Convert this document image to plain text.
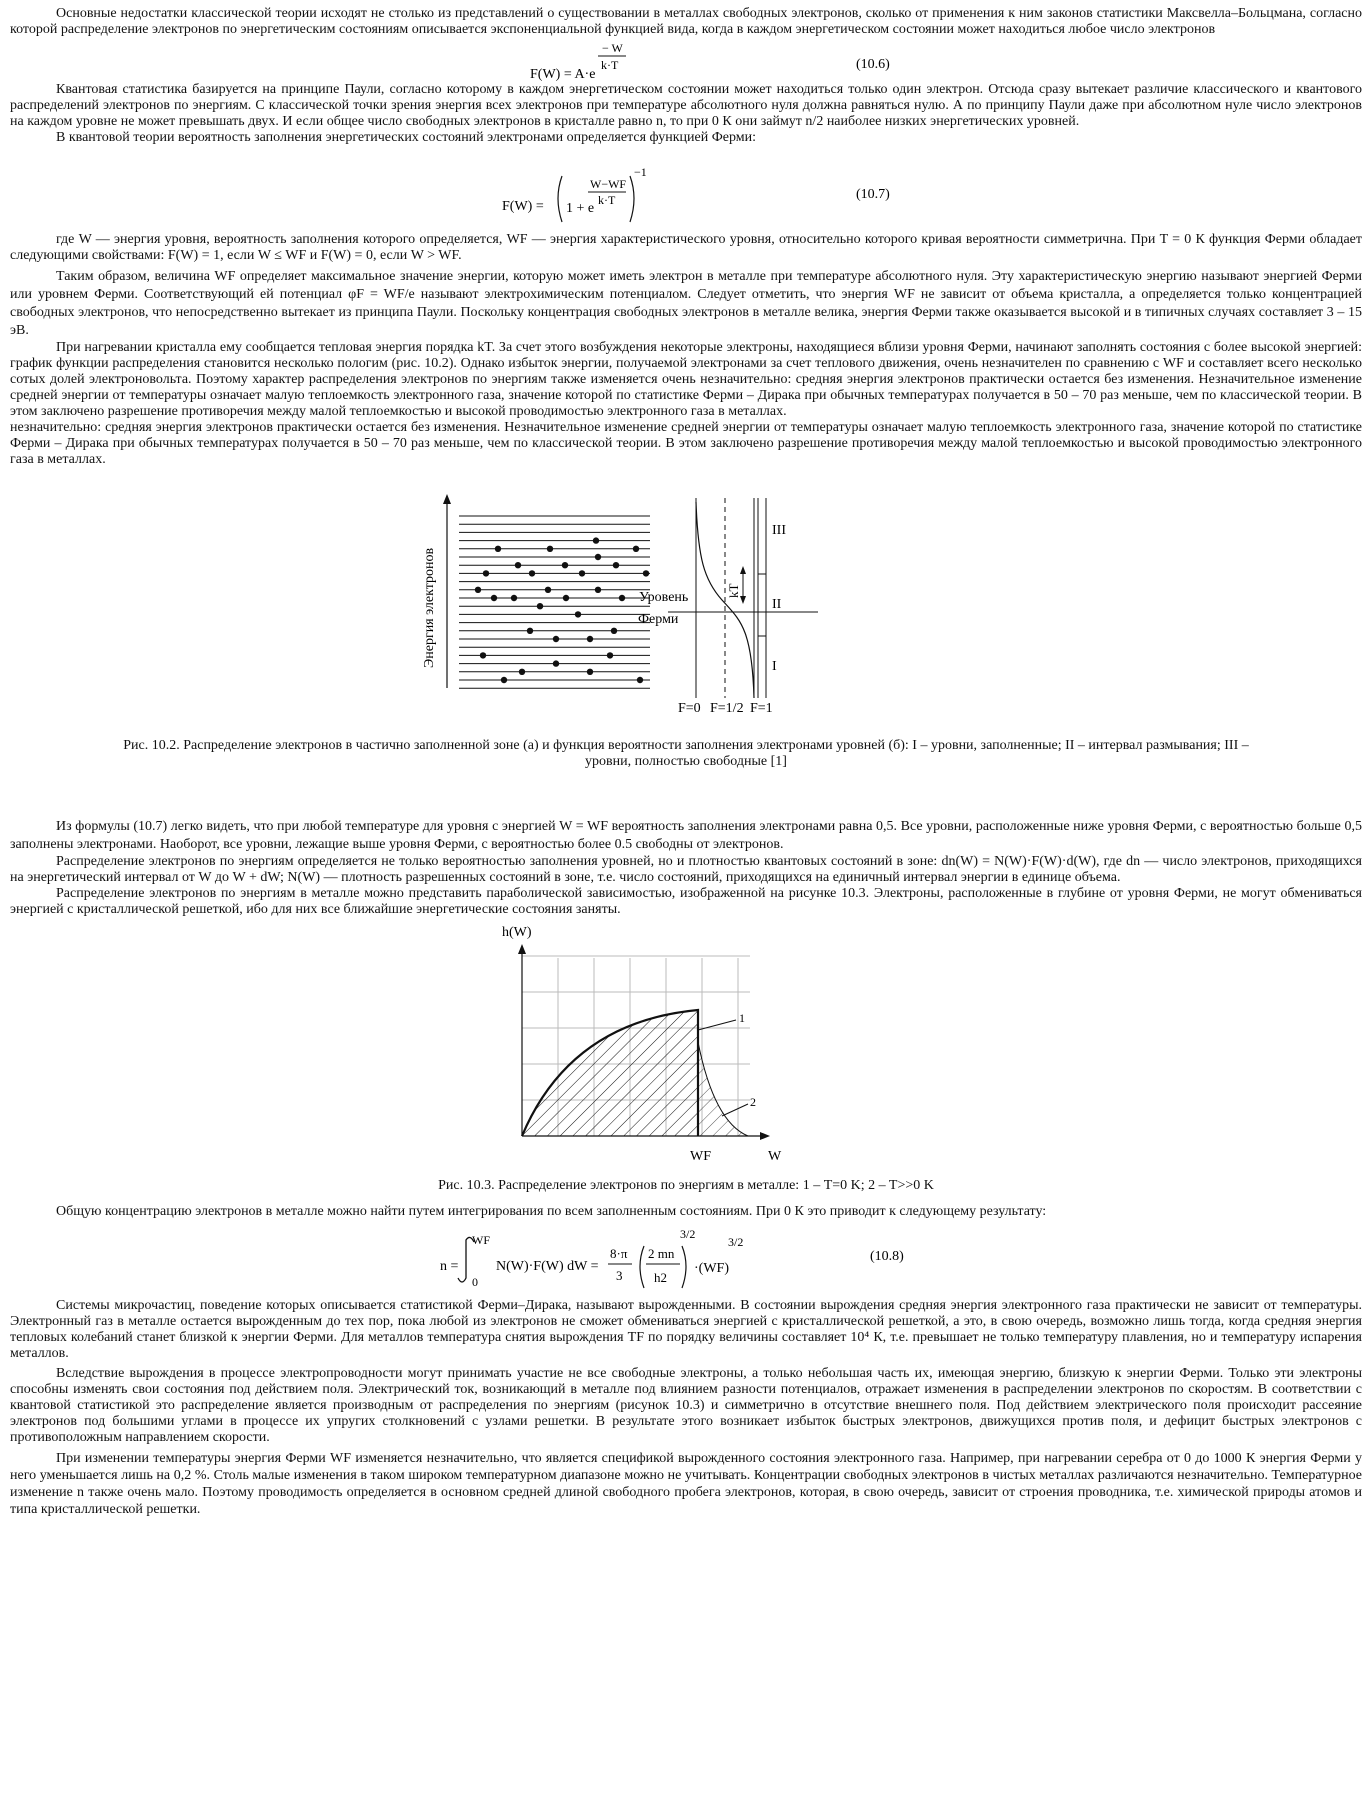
Основные недостатки классической теории исходят не столько из представлений о существовании в металлах свободных электронов, сколько от применения к ним законов статистики Максвелла–Больцмана, согласно которой распределение электронов по энергетическим состояниям описывается экспоненциальной функцией вида, когда в каждом энергетическом состоянии может находиться любое число электронов

F(W) = A·e
− W
k·T	(10.6)

Квантовая статистика базируется на принципе Паули, согласно которому в каждом энергетическом состоянии может находиться только один электрон. Отсюда сразу вытекает различие классического и квантового распределений электронов по энергиям. С классической точки зрения энергия всех электронов при температуре абсолютного нуля должна равняться нулю. А по принципу Паули даже при абсолютном нуле число электронов на каждом уровне не может превышать двух. И если общее число свободных электронов в кристалле равно n, то при 0 К они займут n/2 наиболее низких энергетических уровней.

В квантовой теории вероятность заполнения энергетических состояний электронами определяется функцией Ферми:

F(W) = 1 + e
W−WF
k·T
−1
(10.7)

где W — энергия уровня, вероятность заполнения которого определяется, WF — энергия характеристического уровня, относительно которого кривая вероятности симметрична. При T = 0 К функция Ферми обладает следующими свойствами: F(W) = 1, если W ≤ WF и F(W) = 0, если W > WF.

Таким образом, величина WF определяет максимальное значение энергии, которую может иметь электрон в металле при температуре абсолютного нуля. Эту характеристическую энергию называют энергией Ферми или уровнем Ферми. Соответствующий ей потенциал φF = WF/e называют электрохимическим потенциалом. Следует отметить, что энергия WF не зависит от объема кристалла, а определяется только концентрацией свободных электронов, что непосредственно вытекает из принципа Паули. Поскольку концентрация свободных электронов в металле велика, энергия Ферми также оказывается высокой и в типичных случаях составляет 3 – 15 эВ.

При нагревании кристалла ему сообщается тепловая энергия порядка kT. За счет этого возбуждения некоторые электроны, находящиеся вблизи уровня Ферми, начинают заполнять состояния с более высокой энергией: график функции распределения становится несколько пологим (рис. 10.2). Однако избыток энергии, получаемой электронами за счет теплового движения, очень незначителен по сравнению с WF и составляет всего несколько сотых долей электроновольта. Поэтому характер распределения электронов по энергиям также изменяется очень незначительно: средняя энергия электронов практически остается без изменения. Незначительное изменение средней энергии от температуры означает малую теплоемкость электронного газа, значение которой по статистике Ферми – Дирака при обычных температурах получается в 50 – 70 раз меньше, чем по классической теории. В этом заключено разрешение противоречия между малой теплоемкостью и высокой проводимостью электронного газа в металлах.

незначительно: средняя энергия электронов практически остается без изменения. Незначительное изменение средней энергии от температуры означает малую теплоемкость электронного газа, значение которой по статистике Ферми – Дирака при обычных температурах получается в 50 – 70 раз меньше, чем по классической теории. В этом заключено разрешение противоречия между малой теплоемкостью и высокой проводимостью электронного газа в металлах.

Энергия электронов	Уровень
Ферми
kT
III
II
I
F=0 F=1/2 F=1

Рис. 10.2. Распределение электронов в частично заполненной зоне (а) и функция вероятности заполнения электронами уровней (б): I – уровни, заполненные; II – интервал размывания; III – уровни, полностью свободные [1]

Из формулы (10.7) легко видеть, что при любой температуре для уровня с энергией W = WF вероятность заполнения электронами равна 0,5. Все уровни, расположенные ниже уровня Ферми, с вероятностью больше 0,5 заполнены электронами. Наоборот, все уровни, лежащие выше уровня Ферми, с вероятностью более 0.5 свободны от электронов.

Распределение электронов по энергиям определяется не только вероятностью заполнения уровней, но и плотностью квантовых состояний в зоне: dn(W) = N(W)·F(W)·d(W), где dn — число электронов, приходящихся на энергетический интервал от W до W + dW; N(W) — плотность разрешенных состояний в зоне, т.е. число состояний, приходящихся на единичный интервал энергии в единице объема.

Распределение электронов по энергиям в металле можно представить параболической зависимостью, изображенной на рисунке 10.3. Электроны, расположенные в глубине от уровня Ферми, не могут обмениваться энергией с кристаллической решеткой, ибо для них все ближайшие энергетические состояния заняты.

h(W)
1
2
WF	W

Рис. 10.3. Распределение электронов по энергиям в металле: 1 – T=0 K; 2 – T>>0 K

Общую концентрацию электронов в металле можно найти путем интегрирования по всем заполненным состояниям. При 0 К это приводит к следующему результату:

n =
WF
0
N(W)·F(W) dW =
8·π
3
2 mn
h2
3/2
·(WF)
3/2
(10.8)

Системы микрочастиц, поведение которых описывается статистикой Ферми–Дирака, называют вырожденными. В состоянии вырождения средняя энергия электронного газа практически не зависит от температуры. Электронный газ в металле остается вырожденным до тех пор, пока любой из электронов не сможет обмениваться энергией с кристаллической решеткой, а это, в свою очередь, возможно лишь тогда, когда средняя энергия тепловых колебаний станет близкой к энергии Ферми. Для металлов температура снятия вырождения TF по порядку величины составляет 10⁴ К, т.е. превышает не только температуру плавления, но и температуру испарения металлов.

Вследствие вырождения в процессе электропроводности могут принимать участие не все свободные электроны, а только небольшая часть их, имеющая энергию, близкую к энергии Ферми. Только эти электроны способны изменять свои состояния под действием поля. Электрический ток, возникающий в металле под влиянием разности потенциалов, отражает изменения в распределении электронов по скоростям. В соответствии с квантовой статистикой это распределение является производным от распределения по энергиям (рисунок 10.3) и симметрично в отсутствие внешнего поля. Под действием электрического поля происходит рассеяние электронов под большими углами в процессе их упругих столкновений с узлами решетки. В результате этого возникает избыток быстрых электронов, движущихся против поля, и дефицит быстрых электронов с противоположным направлением скорости.

При изменении температуры энергия Ферми WF изменяется незначительно, что является спецификой вырожденного состояния электронного газа. Например, при нагревании серебра от 0 до 1000 К энергия Ферми у него уменьшается лишь на 0,2 %. Столь малые изменения в таком широком температурном диапазоне можно не учитывать. Концентрации свободных электронов в чистых металлах различаются незначительно. Температурное изменение n также очень мало. Поэтому проводимость определяется в основном средней длиной свободного пробега электронов, которая, в свою очередь, зависит от строения проводника, т.е. химической природы атомов и типа кристаллической решетки.
